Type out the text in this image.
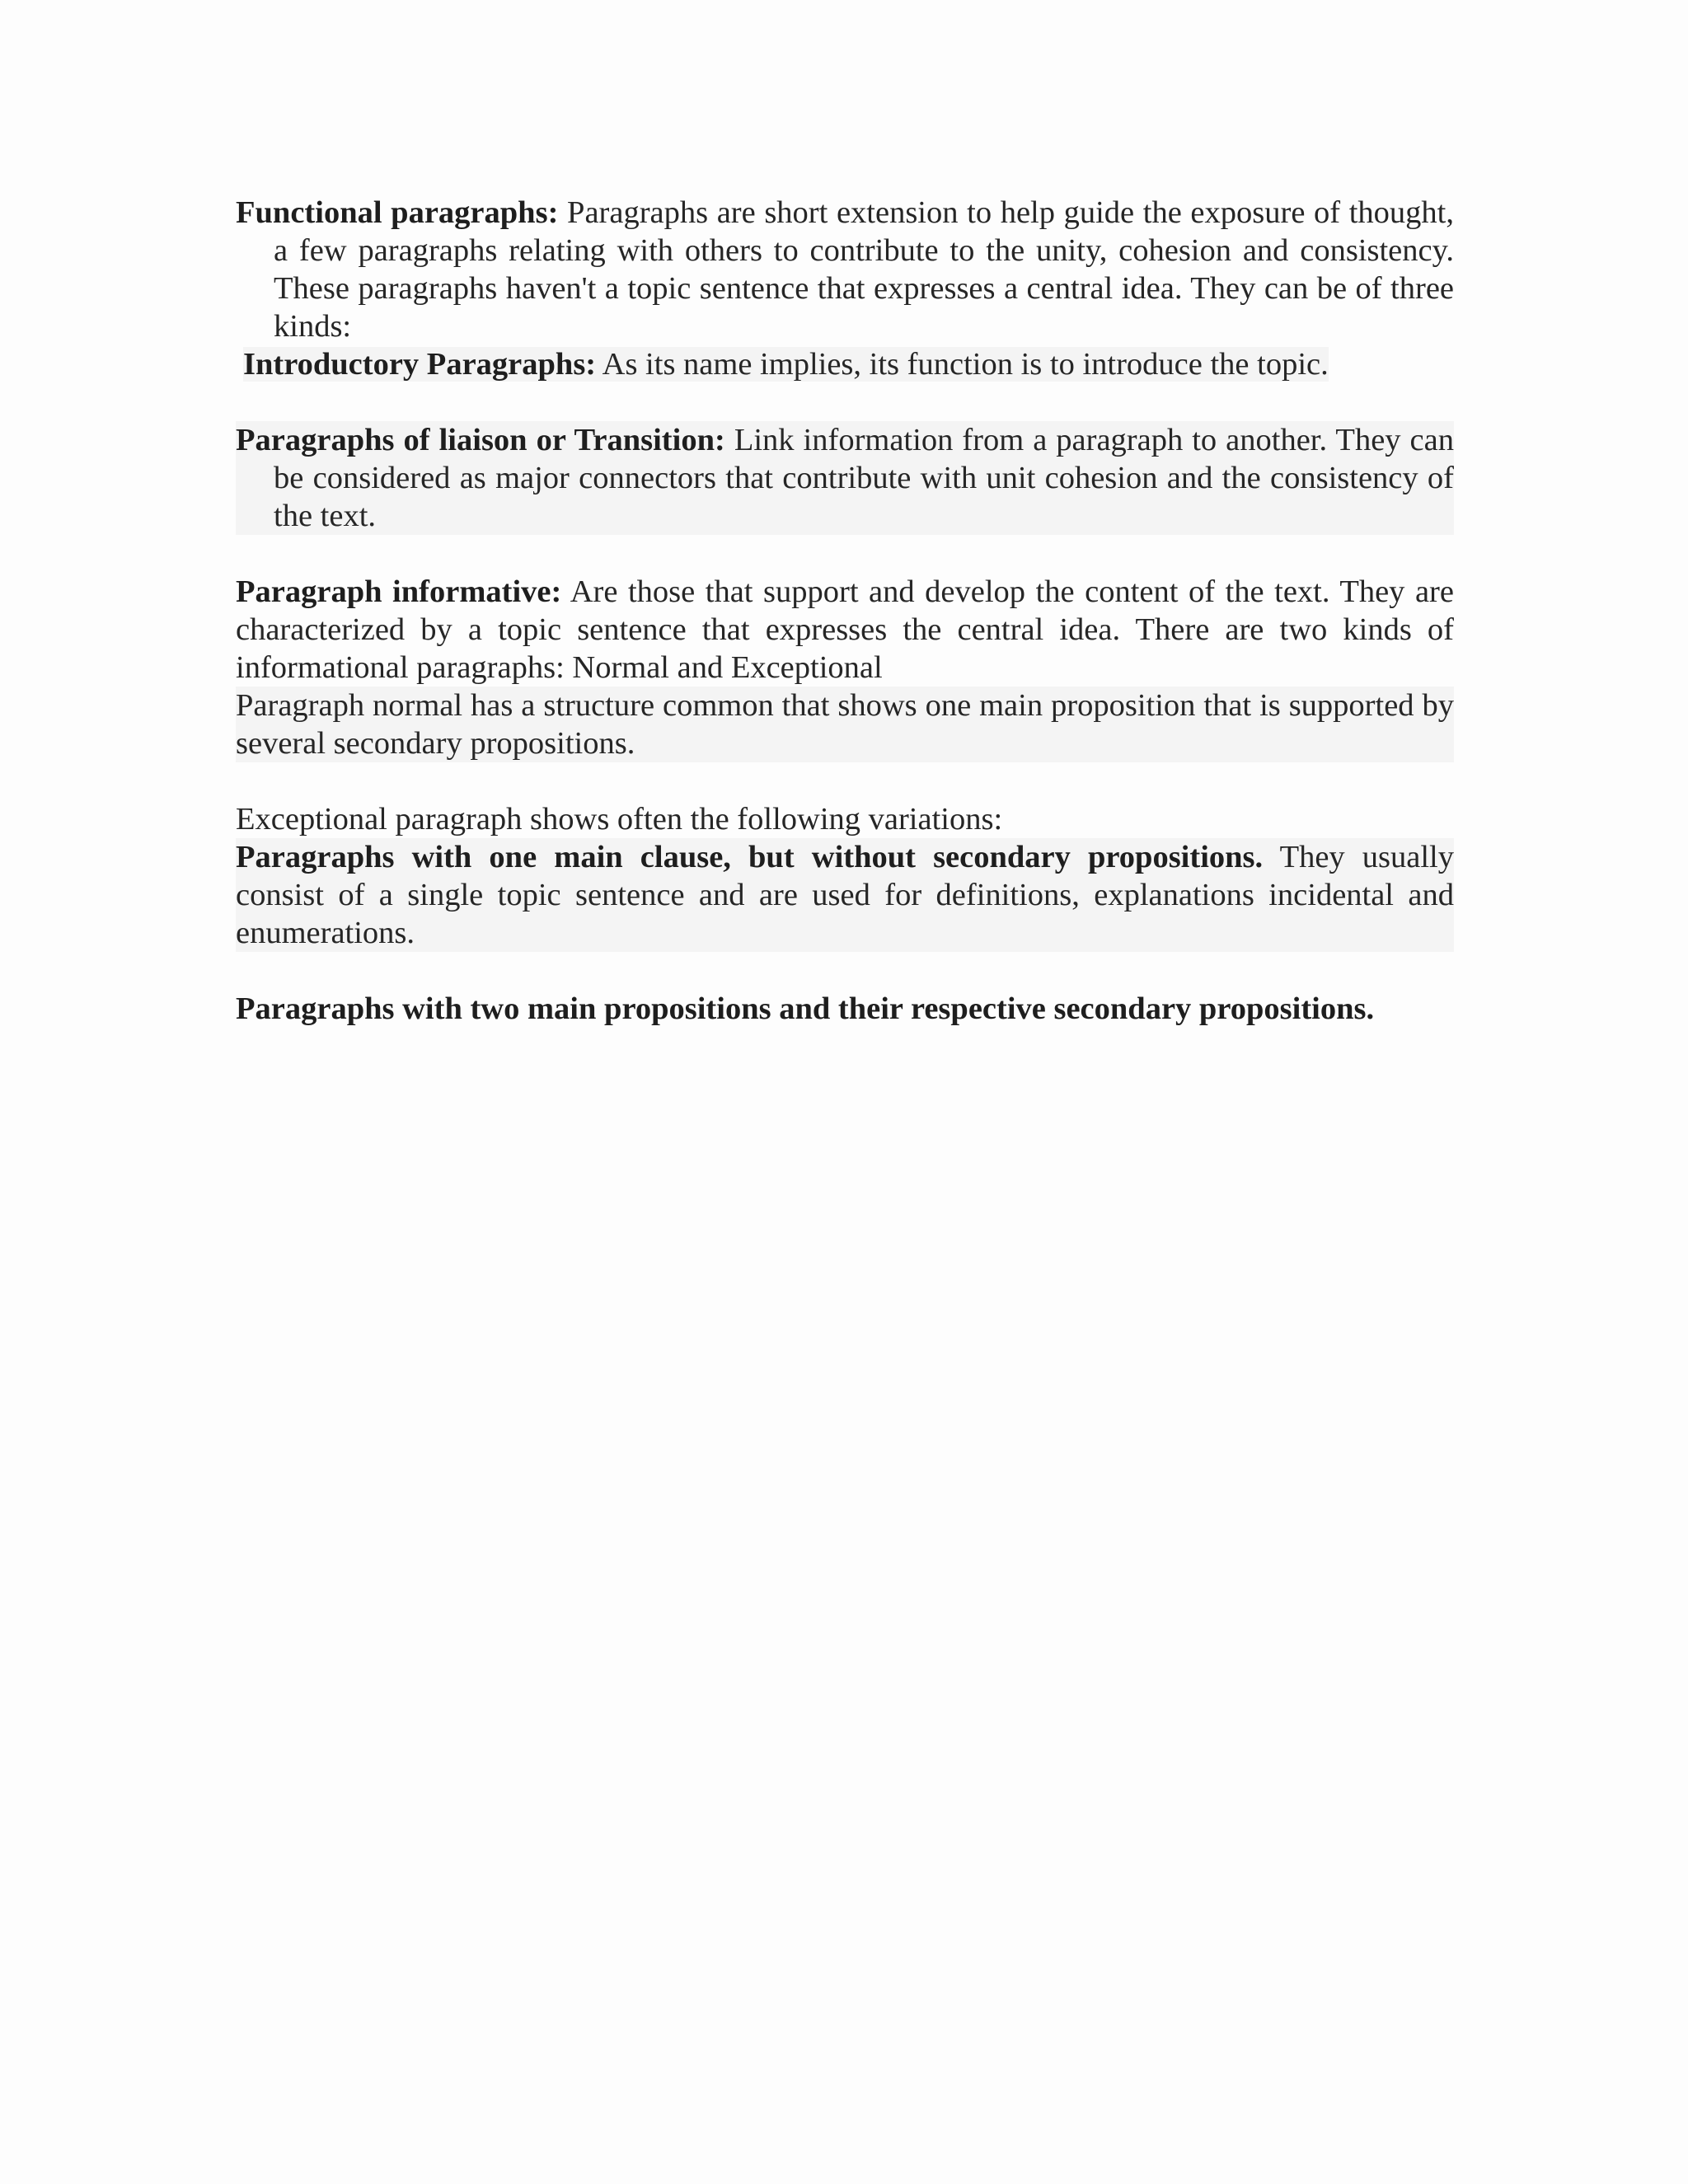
Functional paragraphs: Paragraphs are short extension to help guide the exposure of thought, a few paragraphs relating with others to contribute to the unity, cohesion and consistency. These paragraphs haven't a topic sentence that expresses a central idea. They can be of three kinds:

Introductory Paragraphs: As its name implies, its function is to introduce the topic.

Paragraphs of liaison or Transition: Link information from a paragraph to another. They can be considered as major connectors that contribute with unit cohesion and the consistency of the text.

Paragraph informative: Are those that support and develop the content of the text. They are characterized by a topic sentence that expresses the central idea. There are two kinds of informational paragraphs: Normal and Exceptional

Paragraph normal has a structure common that shows one main proposition that is supported by several secondary propositions.

Exceptional paragraph shows often the following variations:

Paragraphs with one main clause, but without secondary propositions. They usually consist of a single topic sentence and are used for definitions, explanations incidental and enumerations.

Paragraphs with two main propositions and their respective secondary propositions.
